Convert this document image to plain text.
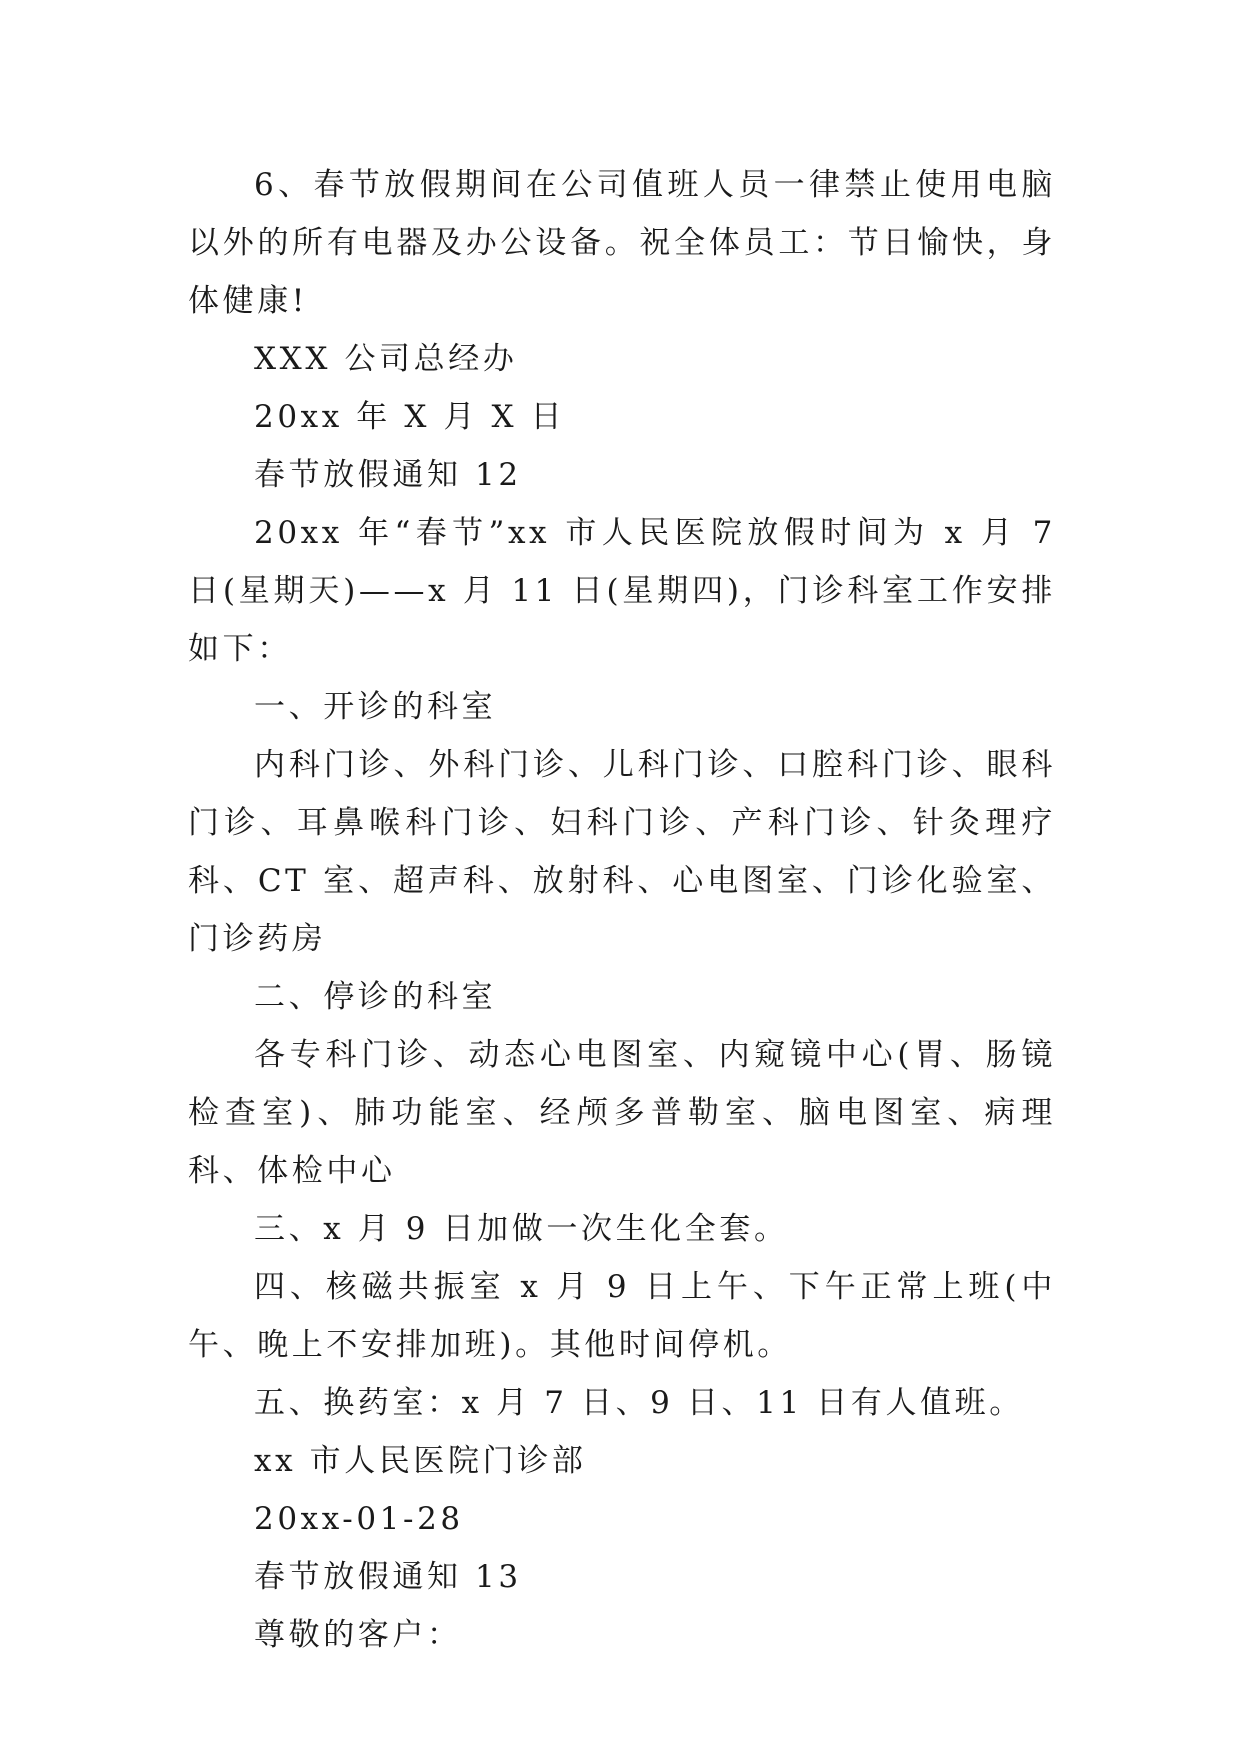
6、春节放假期间在公司值班人员一律禁止使用电脑以外的所有电器及办公设备。祝全体员工：节日愉快，身体健康!

XXX 公司总经办

20xx 年 X 月 X 日

春节放假通知 12

20xx 年“春节”xx 市人民医院放假时间为 x 月 7 日(星期天)——x 月 11 日(星期四)，门诊科室工作安排如下：

一、开诊的科室

内科门诊、外科门诊、儿科门诊、口腔科门诊、眼科门诊、耳鼻喉科门诊、妇科门诊、产科门诊、针灸理疗科、CT 室、超声科、放射科、心电图室、门诊化验室、门诊药房

二、停诊的科室

各专科门诊、动态心电图室、内窥镜中心(胃、肠镜检查室)、肺功能室、经颅多普勒室、脑电图室、病理科、体检中心

三、x 月 9 日加做一次生化全套。

四、核磁共振室 x 月 9 日上午、下午正常上班(中午、晚上不安排加班)。其他时间停机。

五、换药室：x 月 7 日、9 日、11 日有人值班。

xx 市人民医院门诊部

20xx-01-28

春节放假通知 13

尊敬的客户：
